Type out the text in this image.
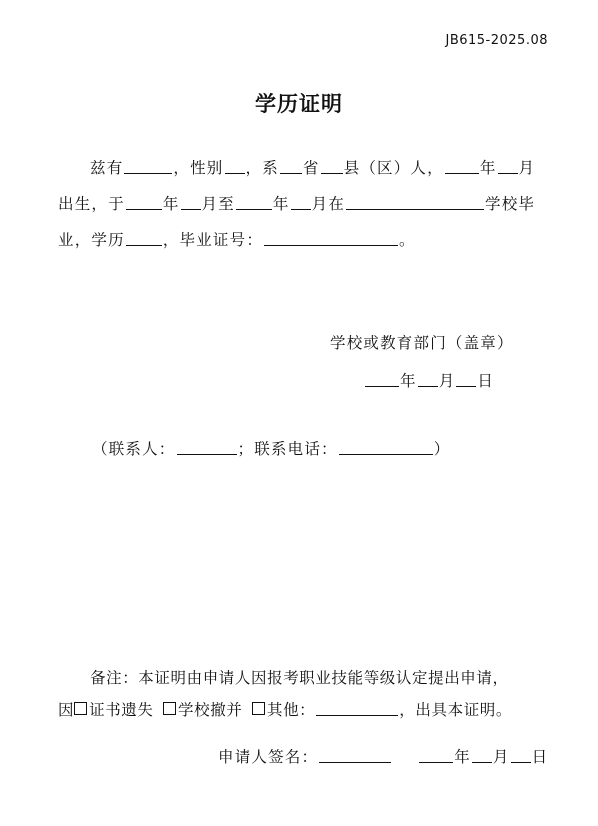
JB615-2025.08
学历证明
兹有	，性别 ，系 省 县（区）人， 年 月
出生，于 年 月至 年 月在	学校毕
业，学历 ，毕业证号：	。
学校或教育部门（盖章）
年 月 日
（联系人：	；联系电话：	）
备注：本证明由申请人因报考职业技能等级认定提出申请，
因 证书遗失 学校撤并 其他：	，出具本证明。
申请人签名：	年 月 日
